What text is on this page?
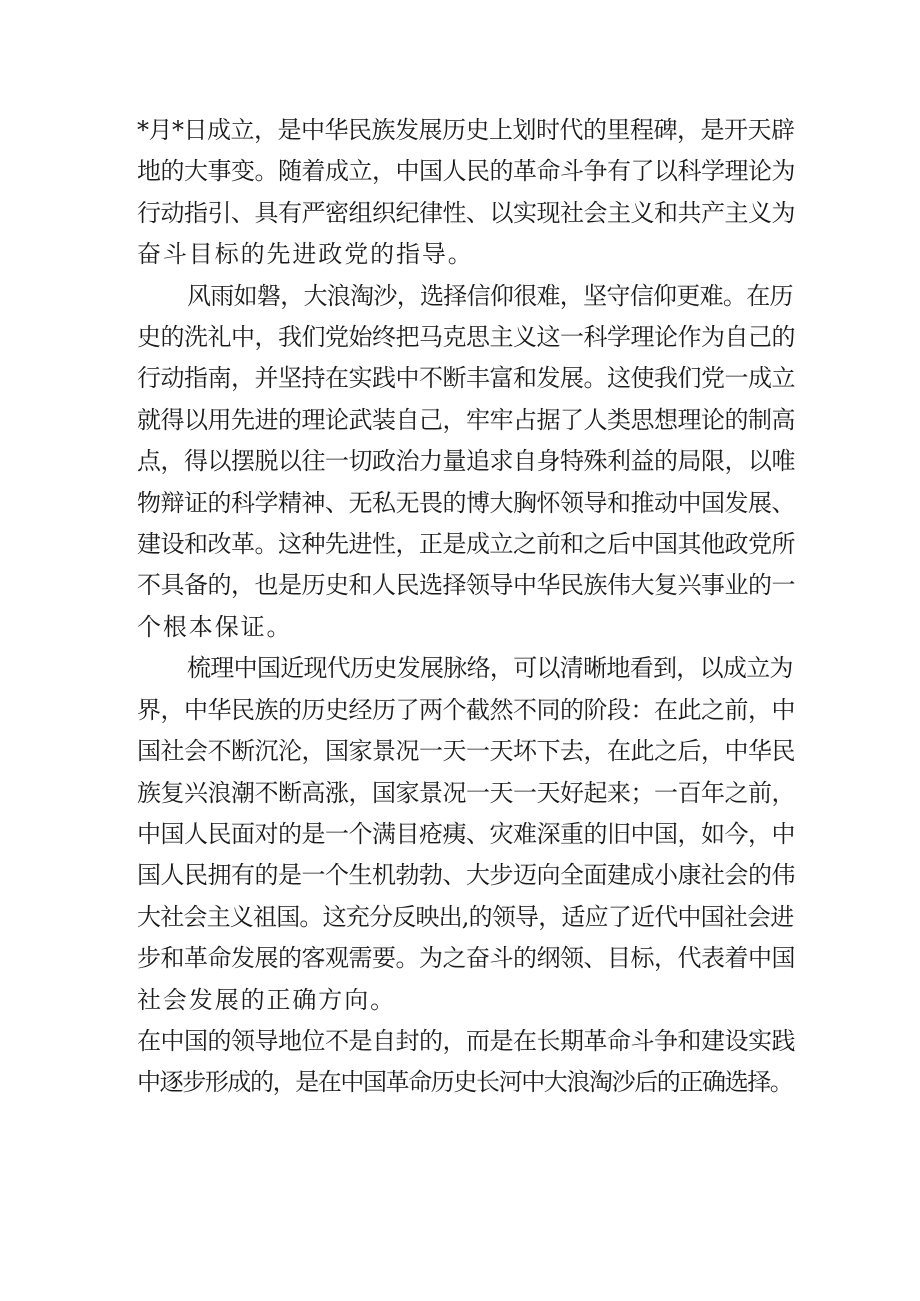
*月*日成立，是中华民族发展历史上划时代的里程碑，是开天辟
地的大事变。随着成立，中国人民的革命斗争有了以科学理论为
行动指引、具有严密组织纪律性、以实现社会主义和共产主义为
奋斗目标的先进政党的指导。

风雨如磐，大浪淘沙，选择信仰很难，坚守信仰更难。在历
史的洗礼中，我们党始终把马克思主义这一科学理论作为自己的
行动指南，并坚持在实践中不断丰富和发展。这使我们党一成立
就得以用先进的理论武装自己，牢牢占据了人类思想理论的制高
点，得以摆脱以往一切政治力量追求自身特殊利益的局限，以唯
物辩证的科学精神、无私无畏的博大胸怀领导和推动中国发展、
建设和改革。这种先进性，正是成立之前和之后中国其他政党所
不具备的，也是历史和人民选择领导中华民族伟大复兴事业的一
个根本保证。

梳理中国近现代历史发展脉络，可以清晰地看到，以成立为
界，中华民族的历史经历了两个截然不同的阶段：在此之前，中
国社会不断沉沦，国家景况一天一天坏下去，在此之后，中华民
族复兴浪潮不断高涨，国家景况一天一天好起来；一百年之前，
中国人民面对的是一个满目疮痍、灾难深重的旧中国，如今，中
国人民拥有的是一个生机勃勃、大步迈向全面建成小康社会的伟
大社会主义祖国。这充分反映出,的领导，适应了近代中国社会进
步和革命发展的客观需要。为之奋斗的纲领、目标，代表着中国
社会发展的正确方向。

在中国的领导地位不是自封的，而是在长期革命斗争和建设实践
中逐步形成的，是在中国革命历史长河中大浪淘沙后的正确选择。
